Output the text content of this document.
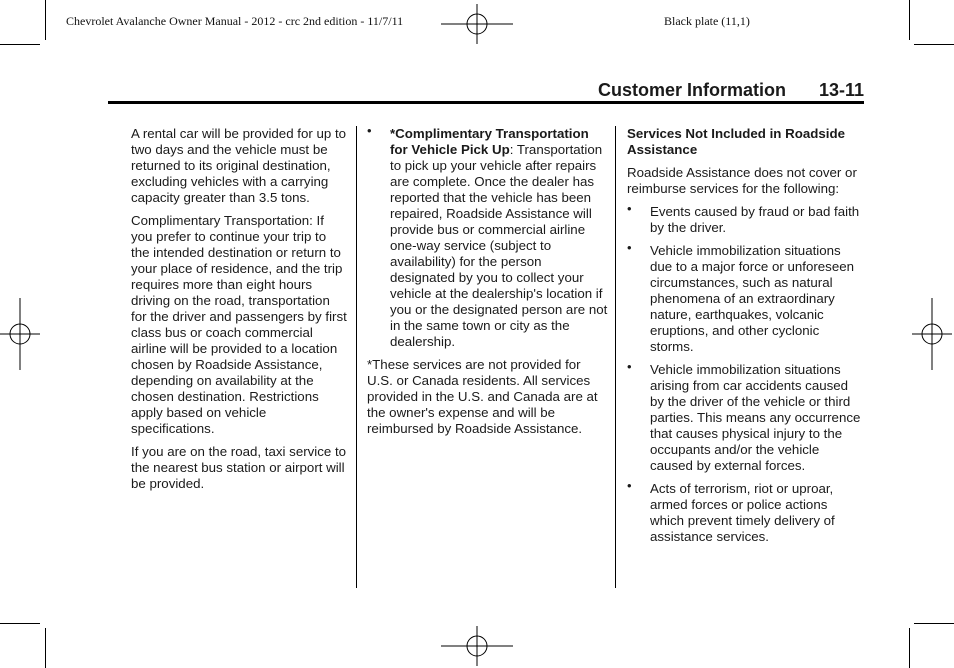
Chevrolet Avalanche Owner Manual - 2012 - crc 2nd edition - 11/7/11	Black plate (11,1)
Customer Information 13-11

A rental car will be provided for up to two days and the vehicle must be returned to its original destination, excluding vehicles with a carrying capacity greater than 3.5 tons.

Complimentary Transportation: If you prefer to continue your trip to the intended destination or return to your place of residence, and the trip requires more than eight hours driving on the road, transportation for the driver and passengers by first class bus or coach commercial airline will be provided to a location chosen by Roadside Assistance, depending on availability at the chosen destination. Restrictions apply based on vehicle specifications.

If you are on the road, taxi service to the nearest bus station or airport will be provided.

• *Complimentary Transportation for Vehicle Pick Up: Transportation to pick up your vehicle after repairs are complete. Once the dealer has reported that the vehicle has been repaired, Roadside Assistance will provide bus or commercial airline one-way service (subject to availability) for the person designated by you to collect your vehicle at the dealership's location if you or the designated person are not in the same town or city as the dealership.

*These services are not provided for U.S. or Canada residents. All services provided in the U.S. and Canada are at the owner's expense and will be reimbursed by Roadside Assistance.

Services Not Included in Roadside Assistance

Roadside Assistance does not cover or reimburse services for the following:

• Events caused by fraud or bad faith by the driver.
• Vehicle immobilization situations due to a major force or unforeseen circumstances, such as natural phenomena of an extraordinary nature, earthquakes, volcanic eruptions, and other cyclonic storms.
• Vehicle immobilization situations arising from car accidents caused by the driver of the vehicle or third parties. This means any occurrence that causes physical injury to the occupants and/or the vehicle caused by external forces.
• Acts of terrorism, riot or uproar, armed forces or police actions which prevent timely delivery of assistance services.
